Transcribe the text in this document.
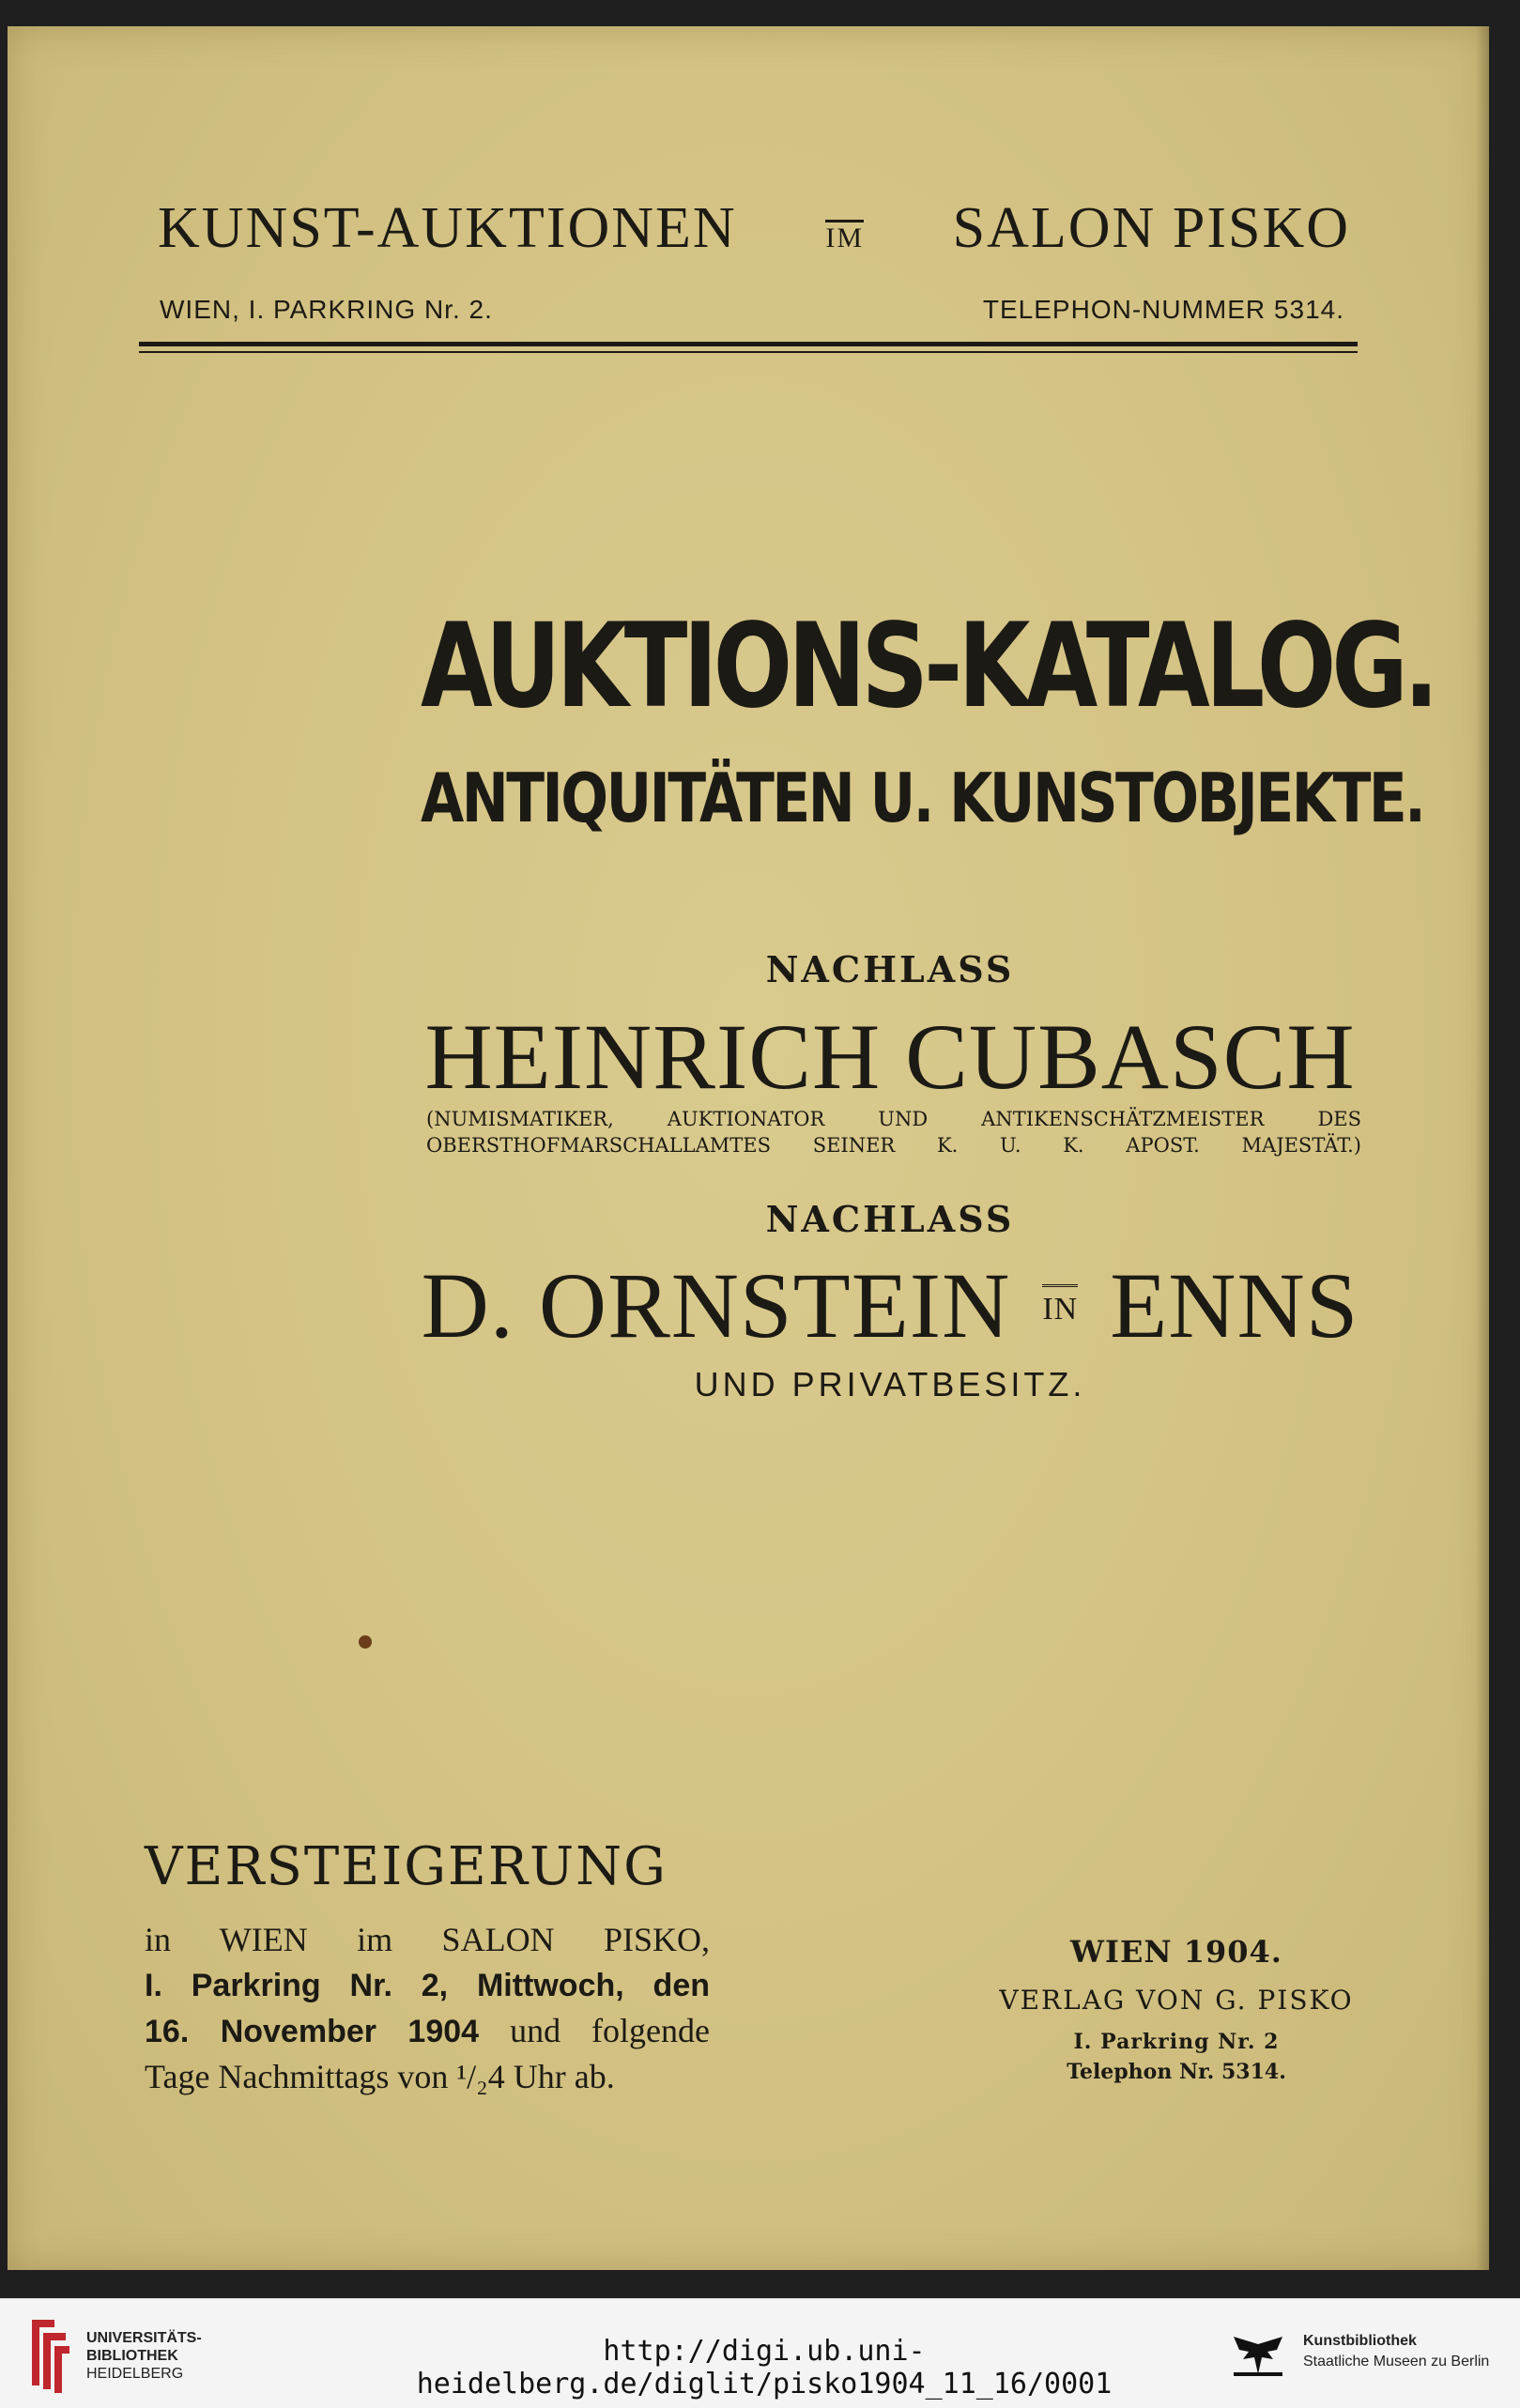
KUNST-AUKTIONEN	IM SALON PISKO
WIEN, I. PARKRING Nr. 2.	TELEPHON-NUMMER 5314.
AUKTIONS-KATALOG.
ANTIQUITÄTEN U. KUNSTOBJEKTE.
NACHLASS
HEINRICH CUBASCH
(NUMISMATIKER, AUKTIONATOR UND ANTIKENSCHÄTZMEISTER DES
OBERSTHOFMARSCHALLAMTES SEINER K. U. K. APOST. MAJESTÄT.)
NACHLASS
D. ORNSTEIN IN ENNS
UND PRIVATBESITZ.
VERSTEIGERUNG
in WIEN im SALON PISKO,
I. Parkring Nr. 2, Mittwoch, den
16. November 1904 und folgende
Tage Nachmittags von ¹/₂4 Uhr ab.
WIEN 1904.
VERLAG VON G. PISKO
I. Parkring Nr. 2
Telephon Nr. 5314.
UNIVERSITÄTS-
BIBLIOTHEK
HEIDELBERG
http://digi.ub.uni-heidelberg.de/diglit/pisko1904_11_16/0001
Kunstbibliothek
Staatliche Museen zu Berlin
